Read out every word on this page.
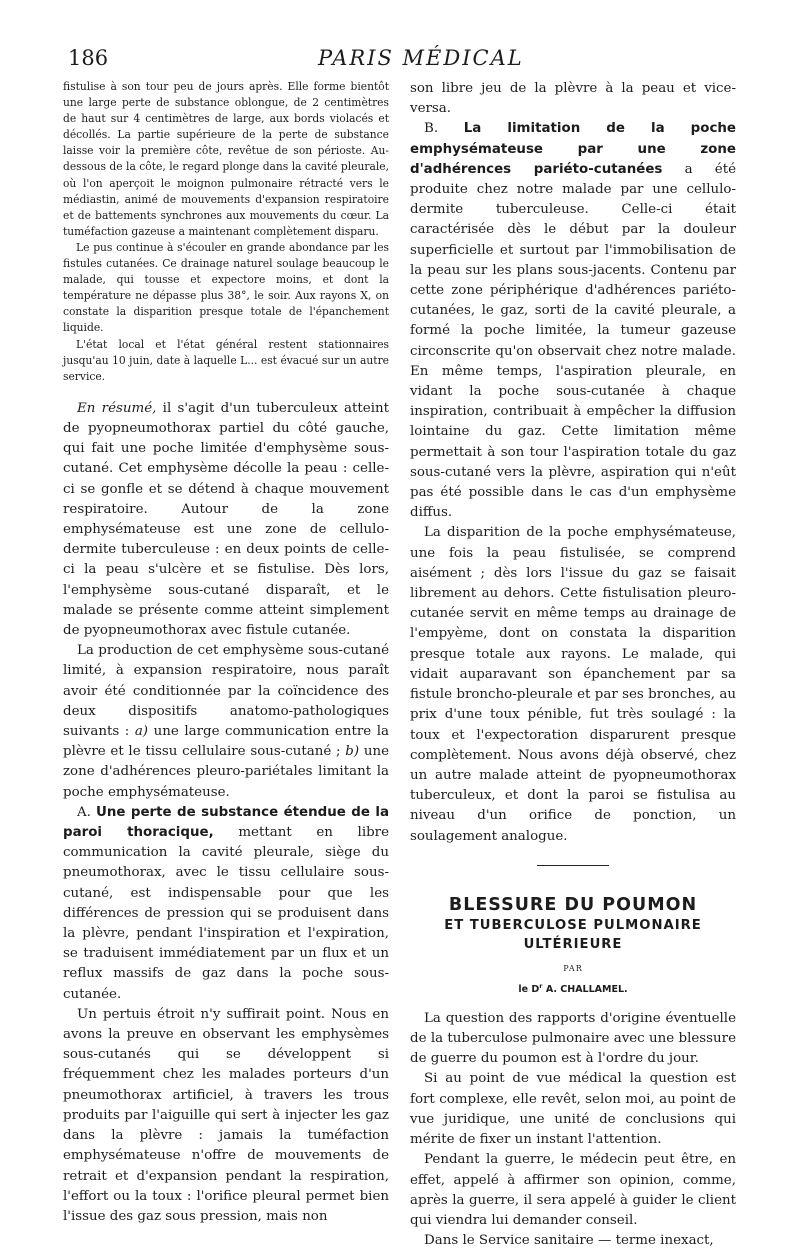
186	PARIS MÉDICAL

fistulise à son tour peu de jours après. Elle forme bientôt une large perte de substance oblongue, de 2 centimètres de haut sur 4 centimètres de large, aux bords violacés et décollés. La partie supérieure de la perte de substance laisse voir la première côte, revêtue de son périoste. Au-dessous de la côte, le regard plonge dans la cavité pleurale, où l'on aperçoit le moignon pulmonaire rétracté vers le médiastin, animé de mouvements d'expansion respiratoire et de battements synchrones aux mouvements du cœur. La tuméfaction gazeuse a maintenant complètement disparu.

Le pus continue à s'écouler en grande abondance par les fistules cutanées. Ce drainage naturel soulage beaucoup le malade, qui tousse et expectore moins, et dont la température ne dépasse plus 38°, le soir. Aux rayons X, on constate la disparition presque totale de l'épanchement liquide.

L'état local et l'état général restent stationnaires jusqu'au 10 juin, date à laquelle L... est évacué sur un autre service.

En résumé, il s'agit d'un tuberculeux atteint de pyopneumothorax partiel du côté gauche, qui fait une poche limitée d'emphysème sous-cutané. Cet emphysème décolle la peau : celle-ci se gonfle et se détend à chaque mouvement respiratoire. Autour de la zone emphysémateuse est une zone de cellulo-dermite tuberculeuse : en deux points de celle-ci la peau s'ulcère et se fistulise. Dès lors, l'emphysème sous-cutané disparaît, et le malade se présente comme atteint simplement de pyopneumothorax avec fistule cutanée.

La production de cet emphysème sous-cutané limité, à expansion respiratoire, nous paraît avoir été conditionnée par la coïncidence des deux dispositifs anatomo-pathologiques suivants : a) une large communication entre la plèvre et le tissu cellulaire sous-cutané ; b) une zone d'adhérences pleuro-pariétales limitant la poche emphysémateuse.

A. Une perte de substance étendue de la paroi thoracique, mettant en libre communication la cavité pleurale, siège du pneumothorax, avec le tissu cellulaire sous-cutané, est indispensable pour que les différences de pression qui se produisent dans la plèvre, pendant l'inspiration et l'expiration, se traduisent immédiatement par un flux et un reflux massifs de gaz dans la poche sous-cutanée.

Un pertuis étroit n'y suffirait point. Nous en avons la preuve en observant les emphysèmes sous-cutanés qui se développent si fréquemment chez les malades porteurs d'un pneumothorax artificiel, à travers les trous produits par l'aiguille qui sert à injecter les gaz dans la plèvre : jamais la tuméfaction emphysémateuse n'offre de mouvements de retrait et d'expansion pendant la respiration, l'effort ou la toux : l'orifice pleural permet bien l'issue des gaz sous pression, mais non

son libre jeu de la plèvre à la peau et vice-versa.

B. La limitation de la poche emphysémateuse par une zone d'adhérences pariéto-cutanées a été produite chez notre malade par une cellulo-dermite tuberculeuse. Celle-ci était caractérisée dès le début par la douleur superficielle et surtout par l'immobilisation de la peau sur les plans sous-jacents. Contenu par cette zone périphérique d'adhérences pariéto-cutanées, le gaz, sorti de la cavité pleurale, a formé la poche limitée, la tumeur gazeuse circonscrite qu'on observait chez notre malade. En même temps, l'aspiration pleurale, en vidant la poche sous-cutanée à chaque inspiration, contribuait à empêcher la diffusion lointaine du gaz. Cette limitation même permettait à son tour l'aspiration totale du gaz sous-cutané vers la plèvre, aspiration qui n'eût pas été possible dans le cas d'un emphysème diffus.

La disparition de la poche emphysémateuse, une fois la peau fistulisée, se comprend aisément ; dès lors l'issue du gaz se faisait librement au dehors. Cette fistulisation pleuro-cutanée servit en même temps au drainage de l'empyème, dont on constata la disparition presque totale aux rayons. Le malade, qui vidait auparavant son épanchement par sa fistule broncho-pleurale et par ses bronches, au prix d'une toux pénible, fut très soulagé : la toux et l'expectoration disparurent presque complètement. Nous avons déjà observé, chez un autre malade atteint de pyopneumothorax tuberculeux, et dont la paroi se fistulisa au niveau d'un orifice de ponction, un soulagement analogue.

BLESSURE DU POUMON

ET TUBERCULOSE PULMONAIRE

ULTÉRIEURE

PAR

le $D^r$ A. CHALLAMEL.

La question des rapports d'origine éventuelle de la tuberculose pulmonaire avec une blessure de guerre du poumon est à l'ordre du jour.

Si au point de vue médical la question est fort complexe, elle revêt, selon moi, au point de vue juridique, une unité de conclusions qui mérite de fixer un instant l'attention.

Pendant la guerre, le médecin peut être, en effet, appelé à affirmer son opinion, comme, après la guerre, il sera appelé à guider le client qui viendra lui demander conseil.

Dans le Service sanitaire — terme inexact,
